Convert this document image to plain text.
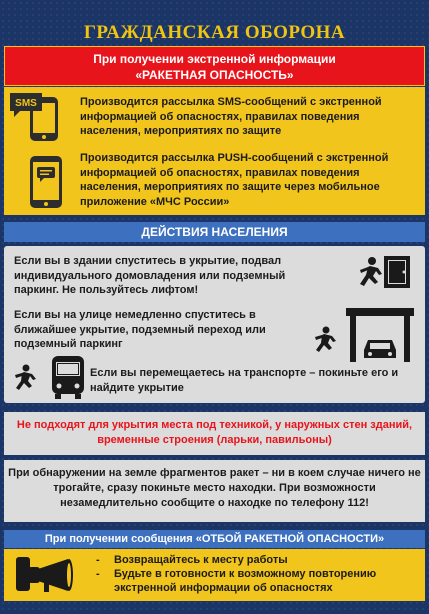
ГРАЖДАНСКАЯ ОБОРОНА
При получении экстренной информации
«РАКЕТНАЯ ОПАСНОСТЬ»
SMS	Производится рассылка SMS-сообщений с экстренной информацией об опасностях, правилах поведения населения, мероприятиях по защите
Производится рассылка PUSH-сообщений с экстренной информацией об опасностях, правилах поведения населения, мероприятиях по защите через мобильное приложение «МЧС России»
ДЕЙСТВИЯ НАСЕЛЕНИЯ
Если вы в здании спуститесь в укрытие, подвал индивидуального домовладения или подземный паркинг. Не пользуйтесь лифтом!
Если вы на улице немедленно спуститесь в ближайшее укрытие, подземный переход или подземный паркинг
Если вы перемещаетесь на транспорте – покиньте его и найдите укрытие
Не подходят для укрытия места под техникой, у наружных стен зданий, временные строения (ларьки, павильоны)
При обнаружении на земле фрагментов ракет – ни в коем случае ничего не трогайте, сразу покиньте место находки. При возможности незамедлительно сообщите о находке по телефону 112!
При получении сообщения «ОТБОЙ РАКЕТНОЙ ОПАСНОСТИ»
- Возвращайтесь к месту работы
- Будьте в готовности к возможному повторению экстренной информации об опасностях
